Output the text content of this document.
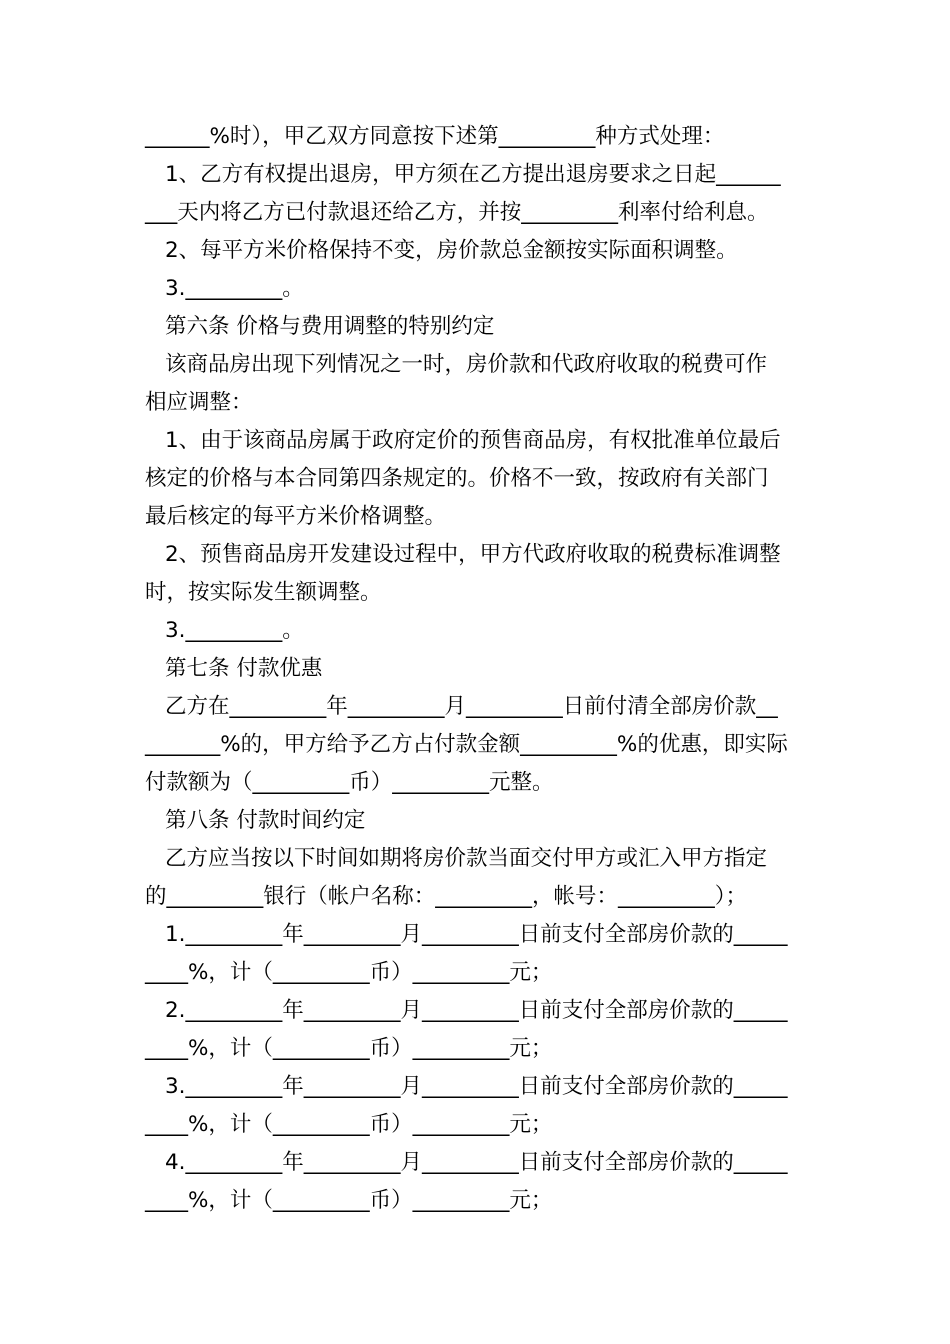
______%时），甲乙双方同意按下述第_________种方式处理：
1、乙方有权提出退房，甲方须在乙方提出退房要求之日起______
___天内将乙方已付款退还给乙方，并按_________利率付给利息。
2、每平方米价格保持不变，房价款总金额按实际面积调整。
3._________。
第六条 价格与费用调整的特别约定
该商品房出现下列情况之一时，房价款和代政府收取的税费可作
相应调整：
1、由于该商品房属于政府定价的预售商品房，有权批准单位最后
核定的价格与本合同第四条规定的。价格不一致，按政府有关部门
最后核定的每平方米价格调整。
2、预售商品房开发建设过程中，甲方代政府收取的税费标准调整
时，按实际发生额调整。
3._________。
第七条 付款优惠
乙方在_________年_________月_________日前付清全部房价款__
_______%的，甲方给予乙方占付款金额_________%的优惠，即实际
付款额为（_________币）_________元整。
第八条 付款时间约定
乙方应当按以下时间如期将房价款当面交付甲方或汇入甲方指定
的_________银行（帐户名称：_________，帐号：_________）；
1._________年_________月_________日前支付全部房价款的_____
____%，计（_________币）_________元；
2._________年_________月_________日前支付全部房价款的_____
____%，计（_________币）_________元；
3._________年_________月_________日前支付全部房价款的_____
____%，计（_________币）_________元；
4._________年_________月_________日前支付全部房价款的_____
____%，计（_________币）_________元；
